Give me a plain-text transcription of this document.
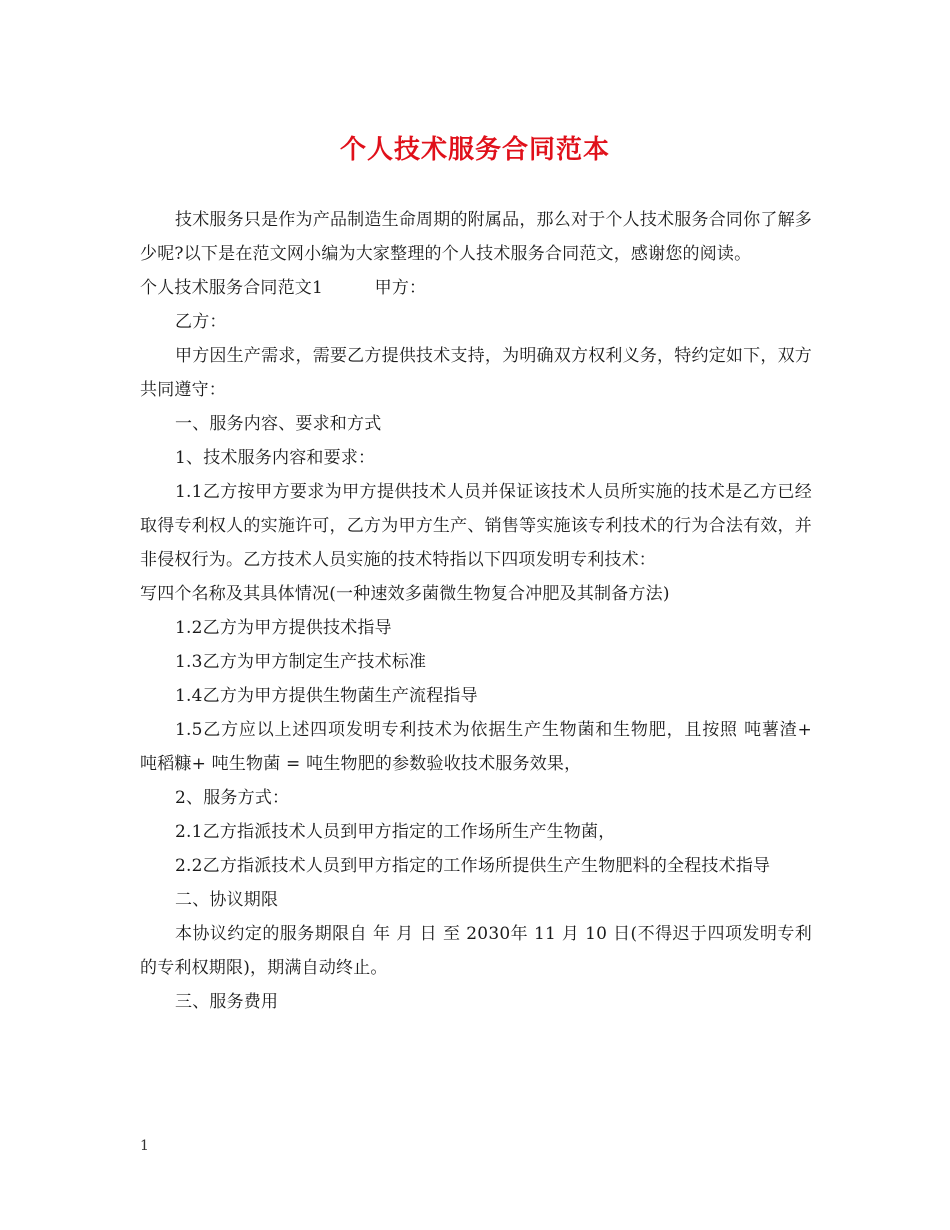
个人技术服务合同范本

技术服务只是作为产品制造生命周期的附属品，那么对于个人技术服务合同你了解多少呢?以下是在范文网小编为大家整理的个人技术服务合同范文，感谢您的阅读。

个人技术服务合同范文1　　　甲方：

乙方：

甲方因生产需求，需要乙方提供技术支持，为明确双方权利义务，特约定如下，双方共同遵守：

一、服务内容、要求和方式

1、技术服务内容和要求：

1.1乙方按甲方要求为甲方提供技术人员并保证该技术人员所实施的技术是乙方已经取得专利权人的实施许可，乙方为甲方生产、销售等实施该专利技术的行为合法有效，并非侵权行为。乙方技术人员实施的技术特指以下四项发明专利技术：

写四个名称及其具体情况(一种速效多菌微生物复合冲肥及其制备方法)

1.2乙方为甲方提供技术指导

1.3乙方为甲方制定生产技术标准

1.4乙方为甲方提供生物菌生产流程指导

1.5乙方应以上述四项发明专利技术为依据生产生物菌和生物肥，且按照 吨薯渣+ 吨稻糠+ 吨生物菌 = 吨生物肥的参数验收技术服务效果，

2、服务方式：

2.1乙方指派技术人员到甲方指定的工作场所生产生物菌，

2.2乙方指派技术人员到甲方指定的工作场所提供生产生物肥料的全程技术指导

二、协议期限

本协议约定的服务期限自 年 月 日 至 2030年 11 月 10 日(不得迟于四项发明专利的专利权期限)，期满自动终止。

三、服务费用

1
